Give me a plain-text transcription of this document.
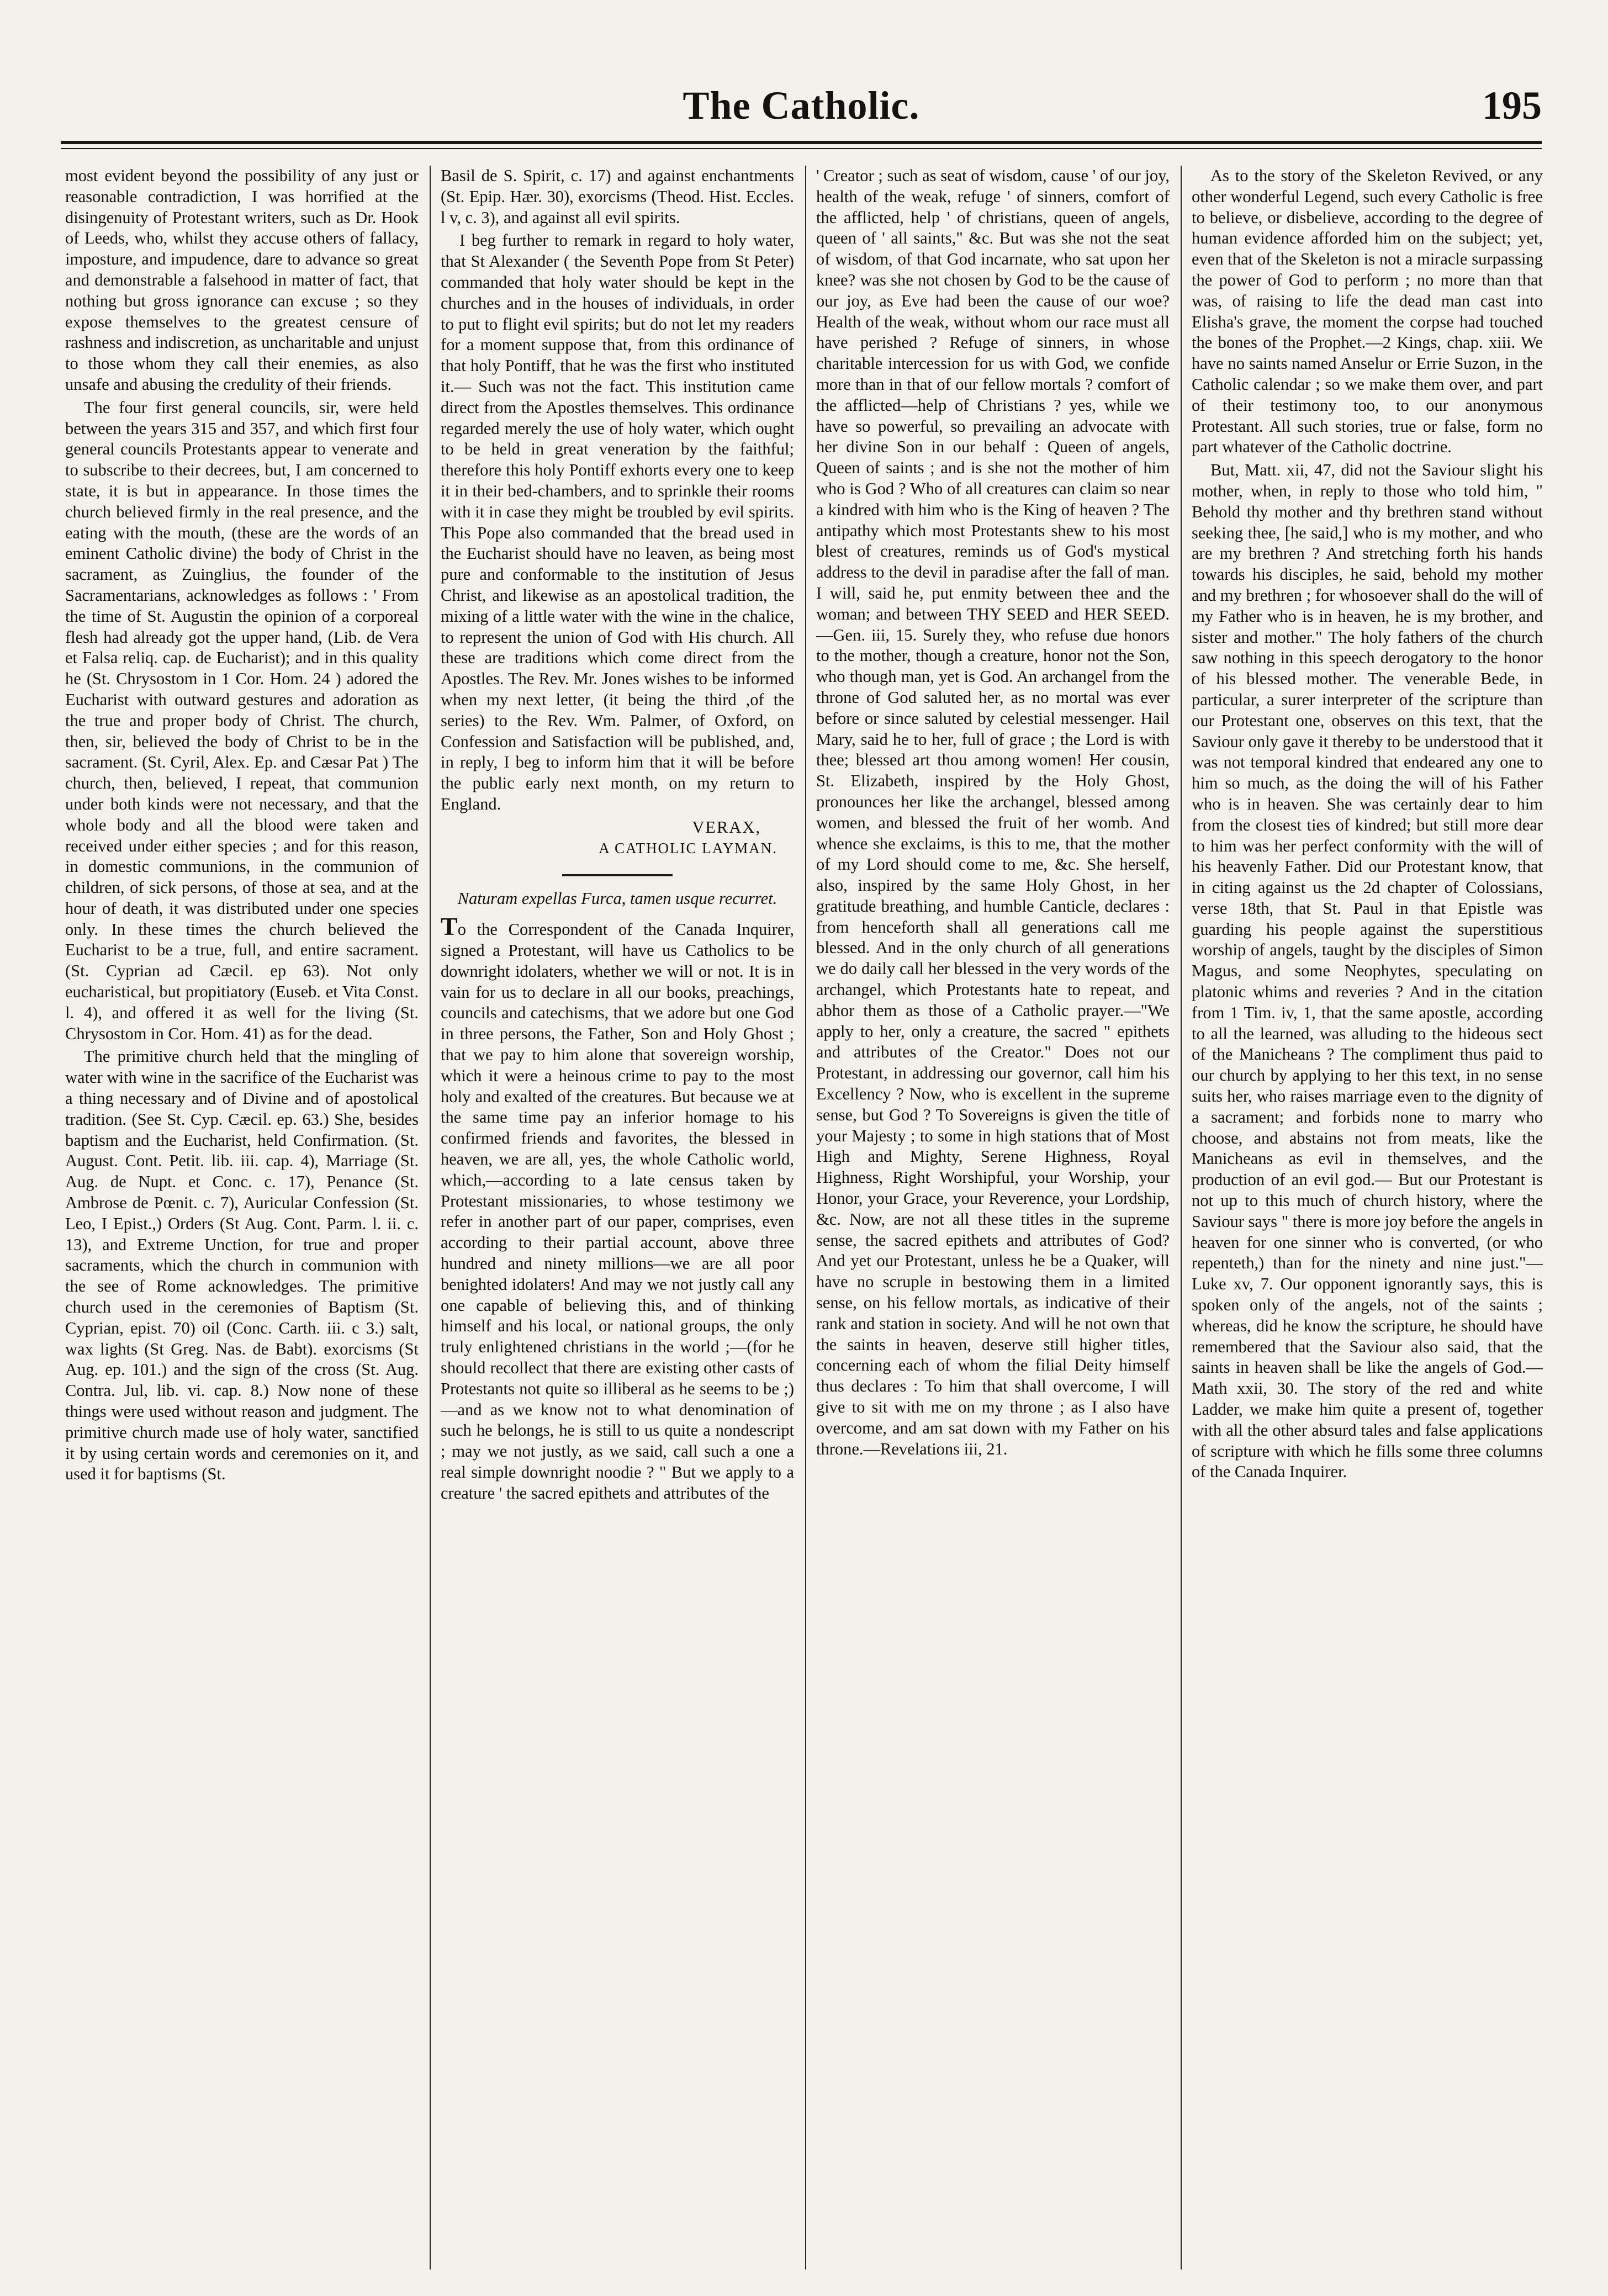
The Catholic.	195

most evident beyond the possibility of any just or reasonable contradiction, I was horrified at the disingenuity of Protestant writers, such as Dr. Hook of Leeds, who, whilst they accuse others of fallacy, imposture, and impudence, dare to advance so great and demonstrable a falsehood in matter of fact, that nothing but gross ignorance can excuse ; so they expose themselves to the greatest censure of rashness and indiscretion, as uncharitable and unjust to those whom they call their enemies, as also unsafe and abusing the credulity of their friends.

The four first general councils, sir, were held between the years 315 and 357, and which first four general councils Protestants appear to venerate and to subscribe to their decrees, but, I am concerned to state, it is but in appearance. In those times the church believed firmly in the real presence, and the eating with the mouth, (these are the words of an eminent Catholic divine) the body of Christ in the sacrament, as Zuinglius, the founder of the Sacramentarians, acknowledges as follows : ' From the time of St. Augustin the opinion of a corporeal flesh had already got the upper hand, (Lib. de Vera et Falsa reliq. cap. de Eucharist); and in this quality he (St. Chrysostom in 1 Cor. Hom. 24 ) adored the Eucharist with outward gestures and adoration as the true and proper body of Christ. The church, then, sir, believed the body of Christ to be in the sacrament. (St. Cyril, Alex. Ep. and Cæsar Pat ) The church, then, believed, I repeat, that communion under both kinds were not necessary, and that the whole body and all the blood were taken and received under either species ; and for this reason, in domestic communions, in the communion of children, of sick persons, of those at sea, and at the hour of death, it was distributed under one species only. In these times the church believed the Eucharist to be a true, full, and entire sacrament. (St. Cyprian ad Cæcil. ep 63). Not only eucharistical, but propitiatory (Euseb. et Vita Const. l. 4), and offered it as well for the living (St. Chrysostom in Cor. Hom. 41) as for the dead.

The primitive church held that the mingling of water with wine in the sacrifice of the Eucharist was a thing necessary and of Divine and of apostolical tradition. (See St. Cyp. Cæcil. ep. 63.) She, besides baptism and the Eucharist, held Confirmation. (St. August. Cont. Petit. lib. iii. cap. 4), Marriage (St. Aug. de Nupt. et Conc. c. 17), Penance (St. Ambrose de Pœnit. c. 7), Auricular Confession (St. Leo, I Epist.,) Orders (St Aug. Cont. Parm. l. ii. c. 13), and Extreme Unction, for true and proper sacraments, which the church in communion with the see of Rome acknowledges. The primitive church used in the ceremonies of Baptism (St. Cyprian, epist. 70) oil (Conc. Carth. iii. c 3.) salt, wax lights (St Greg. Nas. de Babt). exorcisms (St Aug. ep. 101.) and the sign of the cross (St. Aug. Contra. Jul, lib. vi. cap. 8.) Now none of these things were used without reason and judgment. The primitive church made use of holy water, sanctified it by using certain words and ceremonies on it, and used it for baptisms (St.

Basil de S. Spirit, c. 17) and against enchantments (St. Epip. Hær. 30), exorcisms (Theod. Hist. Eccles. l v, c. 3), and against all evil spirits.

I beg further to remark in regard to holy water, that St Alexander ( the Seventh Pope from St Peter) commanded that holy water should be kept in the churches and in the houses of individuals, in order to put to flight evil spirits; but do not let my readers for a moment suppose that, from this ordinance of that holy Pontiff, that he was the first who instituted it.— Such was not the fact. This institution came direct from the Apostles themselves. This ordinance regarded merely the use of holy water, which ought to be held in great veneration by the faithful; therefore this holy Pontiff exhorts every one to keep it in their bed-chambers, and to sprinkle their rooms with it in case they might be troubled by evil spirits. This Pope also commanded that the bread used in the Eucharist should have no leaven, as being most pure and conformable to the institution of Jesus Christ, and likewise as an apostolical tradition, the mixing of a little water with the wine in the chalice, to represent the union of God with His church. All these are traditions which come direct from the Apostles. The Rev. Mr. Jones wishes to be informed when my next letter, (it being the third ,of the series) to the Rev. Wm. Palmer, of Oxford, on Confession and Satisfaction will be published, and, in reply, I beg to inform him that it will be before the public early next month, on my return to England.

VERAX,
A CATHOLIC LAYMAN.
Naturam expellas Furca, tamen usque recurret.

To the Correspondent of the Canada Inquirer, signed a Protestant, will have us Catholics to be downright idolaters, whether we will or not. It is in vain for us to declare in all our books, preachings, councils and catechisms, that we adore but one God in three persons, the Father, Son and Holy Ghost ; that we pay to him alone that sovereign worship, which it were a heinous crime to pay to the most holy and exalted of the creatures. But because we at the same time pay an inferior homage to his confirmed friends and favorites, the blessed in heaven, we are all, yes, the whole Catholic world, which,—according to a late census taken by Protestant missionaries, to whose testimony we refer in another part of our paper, comprises, even according to their partial account, above three hundred and ninety millions—we are all poor benighted idolaters! And may we not justly call any one capable of believing this, and of thinking himself and his local, or national groups, the only truly enlightened christians in the world ;—(for he should recollect that there are existing other casts of Protestants not quite so illiberal as he seems to be ;)—and as we know not to what denomination of such he belongs, he is still to us quite a nondescript ; may we not justly, as we said, call such a one a real simple downright noodie ? " But we apply to a creature ' the sacred epithets and attributes of the

' Creator ; such as seat of wisdom, cause ' of our joy, health of the weak, refuge ' of sinners, comfort of the afflicted, help ' of christians, queen of angels, queen of ' all saints," &c. But was she not the seat of wisdom, of that God incarnate, who sat upon her knee? was she not chosen by God to be the cause of our joy, as Eve had been the cause of our woe? Health of the weak, without whom our race must all have perished ? Refuge of sinners, in whose charitable intercession for us with God, we confide more than in that of our fellow mortals ? comfort of the afflicted—help of Christians ? yes, while we have so powerful, so prevailing an advocate with her divine Son in our behalf : Queen of angels, Queen of saints ; and is she not the mother of him who is God ? Who of all creatures can claim so near a kindred with him who is the King of heaven ? The antipathy which most Protestants shew to his most blest of creatures, reminds us of God's mystical address to the devil in paradise after the fall of man. I will, said he, put enmity between thee and the woman; and between THY SEED and HER SEED.—Gen. iii, 15. Surely they, who refuse due honors to the mother, though a creature, honor not the Son, who though man, yet is God. An archangel from the throne of God saluted her, as no mortal was ever before or since saluted by celestial messenger. Hail Mary, said he to her, full of grace ; the Lord is with thee; blessed art thou among women! Her cousin, St. Elizabeth, inspired by the Holy Ghost, pronounces her like the archangel, blessed among women, and blessed the fruit of her womb. And whence she exclaims, is this to me, that the mother of my Lord should come to me, &c. She herself, also, inspired by the same Holy Ghost, in her gratitude breathing, and humble Canticle, declares : from henceforth shall all generations call me blessed. And in the only church of all generations we do daily call her blessed in the very words of the archangel, which Protestants hate to repeat, and abhor them as those of a Catholic prayer.—"We apply to her, only a creature, the sacred " epithets and attributes of the Creator." Does not our Protestant, in addressing our governor, call him his Excellency ? Now, who is excellent in the supreme sense, but God ? To Sovereigns is given the title of your Majesty ; to some in high stations that of Most High and Mighty, Serene Highness, Royal Highness, Right Worshipful, your Worship, your Honor, your Grace, your Reverence, your Lordship, &c. Now, are not all these titles in the supreme sense, the sacred epithets and attributes of God? And yet our Protestant, unless he be a Quaker, will have no scruple in bestowing them in a limited sense, on his fellow mortals, as indicative of their rank and station in society. And will he not own that the saints in heaven, deserve still higher titles, concerning each of whom the filial Deity himself thus declares : To him that shall overcome, I will give to sit with me on my throne ; as I also have overcome, and am sat down with my Father on his throne.—Revelations iii, 21.

As to the story of the Skeleton Revived, or any other wonderful Legend, such every Catholic is free to believe, or disbelieve, according to the degree of human evidence afforded him on the subject; yet, even that of the Skeleton is not a miracle surpassing the power of God to perform ; no more than that was, of raising to life the dead man cast into Elisha's grave, the moment the corpse had touched the bones of the Prophet.—2 Kings, chap. xiii. We have no saints named Anselur or Errie Suzon, in the Catholic calendar ; so we make them over, and part of their testimony too, to our anonymous Protestant. All such stories, true or false, form no part whatever of the Catholic doctrine.

But, Matt. xii, 47, did not the Saviour slight his mother, when, in reply to those who told him, " Behold thy mother and thy brethren stand without seeking thee, [he said,] who is my mother, and who are my brethren ? And stretching forth his hands towards his disciples, he said, behold my mother and my brethren ; for whosoever shall do the will of my Father who is in heaven, he is my brother, and sister and mother." The holy fathers of the church saw nothing in this speech derogatory to the honor of his blessed mother. The venerable Bede, in particular, a surer interpreter of the scripture than our Protestant one, observes on this text, that the Saviour only gave it thereby to be understood that it was not temporal kindred that endeared any one to him so much, as the doing the will of his Father who is in heaven. She was certainly dear to him from the closest ties of kindred; but still more dear to him was her perfect conformity with the will of his heavenly Father. Did our Protestant know, that in citing against us the 2d chapter of Colossians, verse 18th, that St. Paul in that Epistle was guarding his people against the superstitious worship of angels, taught by the disciples of Simon Magus, and some Neophytes, speculating on platonic whims and reveries ? And in the citation from 1 Tim. iv, 1, that the same apostle, according to all the learned, was alluding to the hideous sect of the Manicheans ? The compliment thus paid to our church by applying to her this text, in no sense suits her, who raises marriage even to the dignity of a sacrament; and forbids none to marry who choose, and abstains not from meats, like the Manicheans as evil in themselves, and the production of an evil god.— But our Protestant is not up to this much of church history, where the Saviour says " there is more joy before the angels in heaven for one sinner who is converted, (or who repenteth,) than for the ninety and nine just."—Luke xv, 7. Our opponent ignorantly says, this is spoken only of the angels, not of the saints ; whereas, did he know the scripture, he should have remembered that the Saviour also said, that the saints in heaven shall be like the angels of God.—Math xxii, 30. The story of the red and white Ladder, we make him quite a present of, together with all the other absurd tales and false applications of scripture with which he fills some three columns of the Canada Inquirer.
